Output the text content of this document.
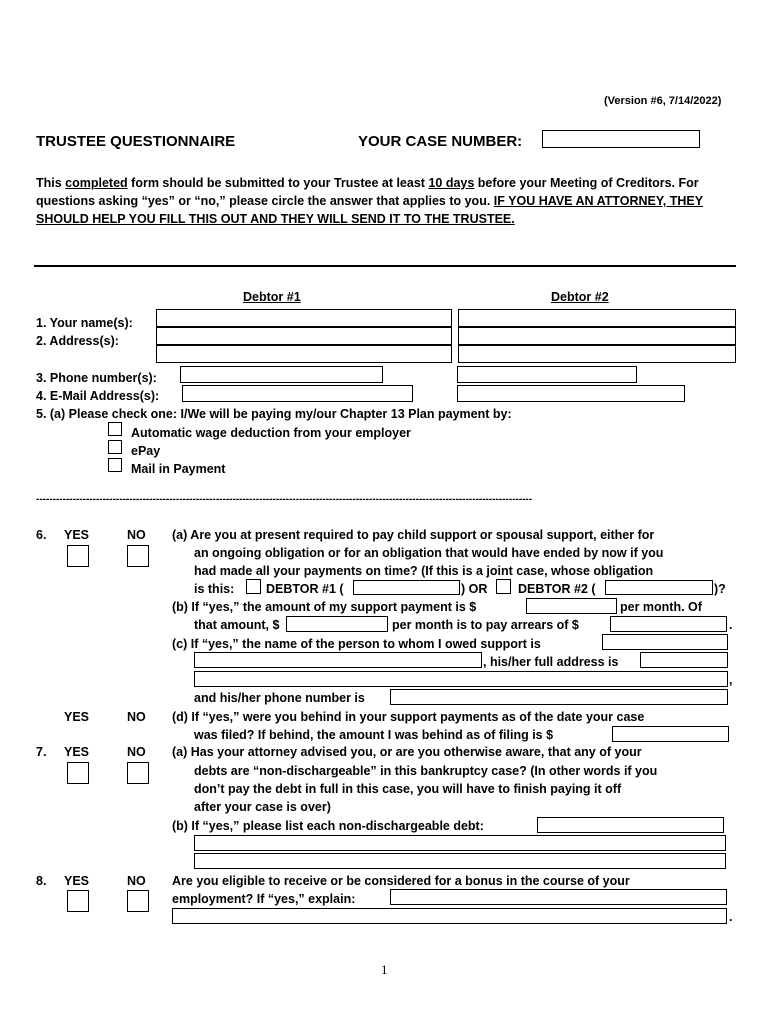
(Version #6, 7/14/2022)
TRUSTEE QUESTIONNAIRE	YOUR CASE NUMBER:
This completed form should be submitted to your Trustee at least 10 days before your Meeting of Creditors. For questions asking “yes” or “no,” please circle the answer that applies to you. IF YOU HAVE AN ATTORNEY, THEY SHOULD HELP YOU FILL THIS OUT AND THEY WILL SEND IT TO THE TRUSTEE.
Debtor #1	Debtor #2
1. Your name(s):
2. Address(s):
3. Phone number(s):
4. E-Mail Address(s):
5. (a) Please check one: I/We will be paying my/our Chapter 13 Plan payment by:
Automatic wage deduction from your employer
ePay
Mail in Payment
-----------------------------------------------------------------------------------------------------------------------------------------------------
6. YES	NO (a) Are you at present required to pay child support or spousal support, either for
an ongoing obligation or for an obligation that would have ended by now if you
had made all your payments on time? (If this is a joint case, whose obligation
is this:	DEBTOR #1 (	) OR DEBTOR #2 (	)?
(b) If “yes,” the amount of my support payment is $	per month. Of
that amount, $	per month is to pay arrears of $	.
(c) If “yes,” the name of the person to whom I owed support is
, his/her full address is
,
and his/her phone number is
YES	NO (d) If “yes,” were you behind in your support payments as of the date your case
was filed? If behind, the amount I was behind as of filing is $
7. YES	NO (a) Has your attorney advised you, or are you otherwise aware, that any of your
debts are “non-dischargeable” in this bankruptcy case? (In other words if you
don’t pay the debt in full in this case, you will have to finish paying it off
after your case is over)
(b) If “yes,” please list each non-dischargeable debt:
8. YES	NO Are you eligible to receive or be considered for a bonus in the course of your
employment? If “yes,” explain:
.
1
